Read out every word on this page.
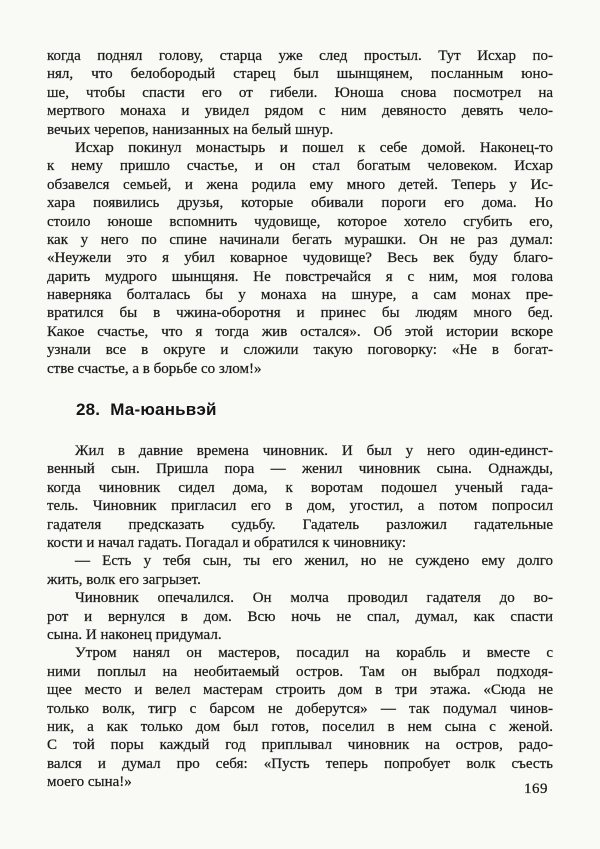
когда поднял голову, старца уже след простыл. Тут Исхар по-
нял, что белобородый старец был шынщянем, посланным юно-
ше, чтобы спасти его от гибели. Юноша снова посмотрел на
мертвого монаха и увидел рядом с ним девяносто девять чело-
вечьих черепов, нанизанных на белый шнур.
Исхар покинул монастырь и пошел к себе домой. Наконец-то
к нему пришло счастье, и он стал богатым человеком. Исхар
обзавелся семьей, и жена родила ему много детей. Теперь у Ис-
хара появились друзья, которые обивали пороги его дома. Но
стоило юноше вспомнить чудовище, которое хотело сгубить его,
как у него по спине начинали бегать мурашки. Он не раз думал:
«Неужели это я убил коварное чудовище? Весь век буду благо-
дарить мудрого шынщяня. Не повстречайся я с ним, моя голова
наверняка болталась бы у монаха на шнуре, а сам монах пре-
вратился бы в чжина-оборотня и принес бы людям много бед.
Какое счастье, что я тогда жив остался». Об этой истории вскоре
узнали все в округе и сложили такую поговорку: «Не в богат-
стве счастье, а в борьбе со злом!»
28. Ма-юаньвэй
Жил в давние времена чиновник. И был у него один-единст-
венный сын. Пришла пора — женил чиновник сына. Однажды,
когда чиновник сидел дома, к воротам подошел ученый гада-
тель. Чиновник пригласил его в дом, угостил, а потом попросил
гадателя предсказать судьбу. Гадатель разложил гадательные
кости и начал гадать. Погадал и обратился к чиновнику:
— Есть у тебя сын, ты его женил, но не суждено ему долго
жить, волк его загрызет.
Чиновник опечалился. Он молча проводил гадателя до во-
рот и вернулся в дом. Всю ночь не спал, думал, как спасти
сына. И наконец придумал.
Утром нанял он мастеров, посадил на корабль и вместе с
ними поплыл на необитаемый остров. Там он выбрал подходя-
щее место и велел мастерам строить дом в три этажа. «Сюда не
только волк, тигр с барсом не доберутся» — так подумал чинов-
ник, а как только дом был готов, поселил в нем сына с женой.
С той поры каждый год приплывал чиновник на остров, радо-
вался и думал про себя: «Пусть теперь попробует волк съесть
моего сына!»	169
